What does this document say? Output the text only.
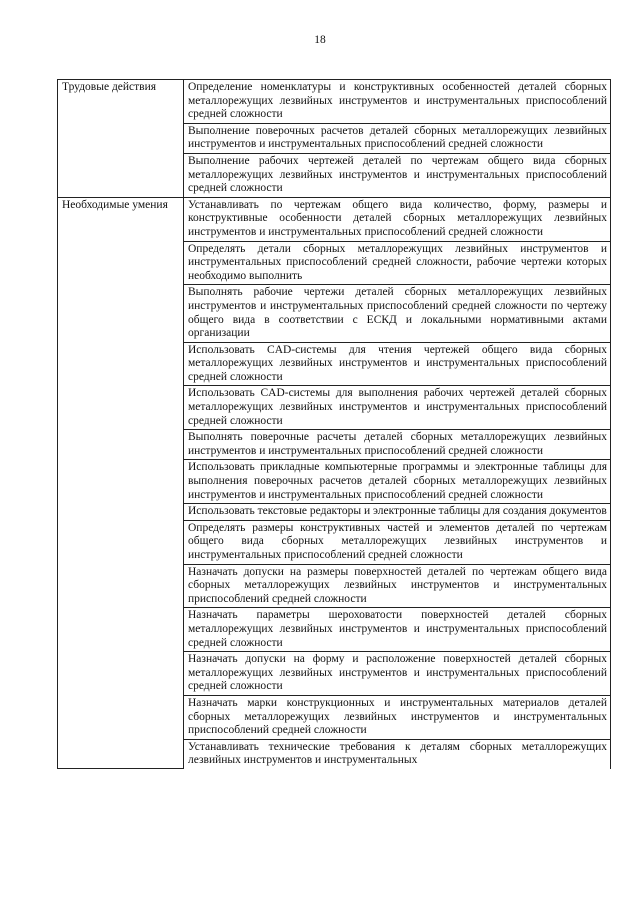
18
Трудовые действия	Определение номенклатуры и конструктивных особенностей деталей сборных металлорежущих лезвийных инструментов и инструментальных приспособлений средней сложности
	Выполнение поверочных расчетов деталей сборных металлорежущих лезвийных инструментов и инструментальных приспособлений средней сложности
	Выполнение рабочих чертежей деталей по чертежам общего вида сборных металлорежущих лезвийных инструментов и инструментальных приспособлений средней сложности
Необходимые умения	Устанавливать по чертежам общего вида количество, форму, размеры и конструктивные особенности деталей сборных металлорежущих лезвийных инструментов и инструментальных приспособлений средней сложности
	Определять детали сборных металлорежущих лезвийных инструментов и инструментальных приспособлений средней сложности, рабочие чертежи которых необходимо выполнить
	Выполнять рабочие чертежи деталей сборных металлорежущих лезвийных инструментов и инструментальных приспособлений средней сложности по чертежу общего вида в соответствии с ЕСКД и локальными нормативными актами организации
	Использовать CAD-системы для чтения чертежей общего вида сборных металлорежущих лезвийных инструментов и инструментальных приспособлений средней сложности
	Использовать CAD-системы для выполнения рабочих чертежей деталей сборных металлорежущих лезвийных инструментов и инструментальных приспособлений средней сложности
	Выполнять поверочные расчеты деталей сборных металлорежущих лезвийных инструментов и инструментальных приспособлений средней сложности
	Использовать прикладные компьютерные программы и электронные таблицы для выполнения поверочных расчетов деталей сборных металлорежущих лезвийных инструментов и инструментальных приспособлений средней сложности
	Использовать текстовые редакторы и электронные таблицы для создания документов
	Определять размеры конструктивных частей и элементов деталей по чертежам общего вида сборных металлорежущих лезвийных инструментов и инструментальных приспособлений средней сложности
	Назначать допуски на размеры поверхностей деталей по чертежам общего вида сборных металлорежущих лезвийных инструментов и инструментальных приспособлений средней сложности
	Назначать параметры шероховатости поверхностей деталей сборных металлорежущих лезвийных инструментов и инструментальных приспособлений средней сложности
	Назначать допуски на форму и расположение поверхностей деталей сборных металлорежущих лезвийных инструментов и инструментальных приспособлений средней сложности
	Назначать марки конструкционных и инструментальных материалов деталей сборных металлорежущих лезвийных инструментов и инструментальных приспособлений средней сложности
	Устанавливать технические требования к деталям сборных металлорежущих лезвийных инструментов и инструментальных
